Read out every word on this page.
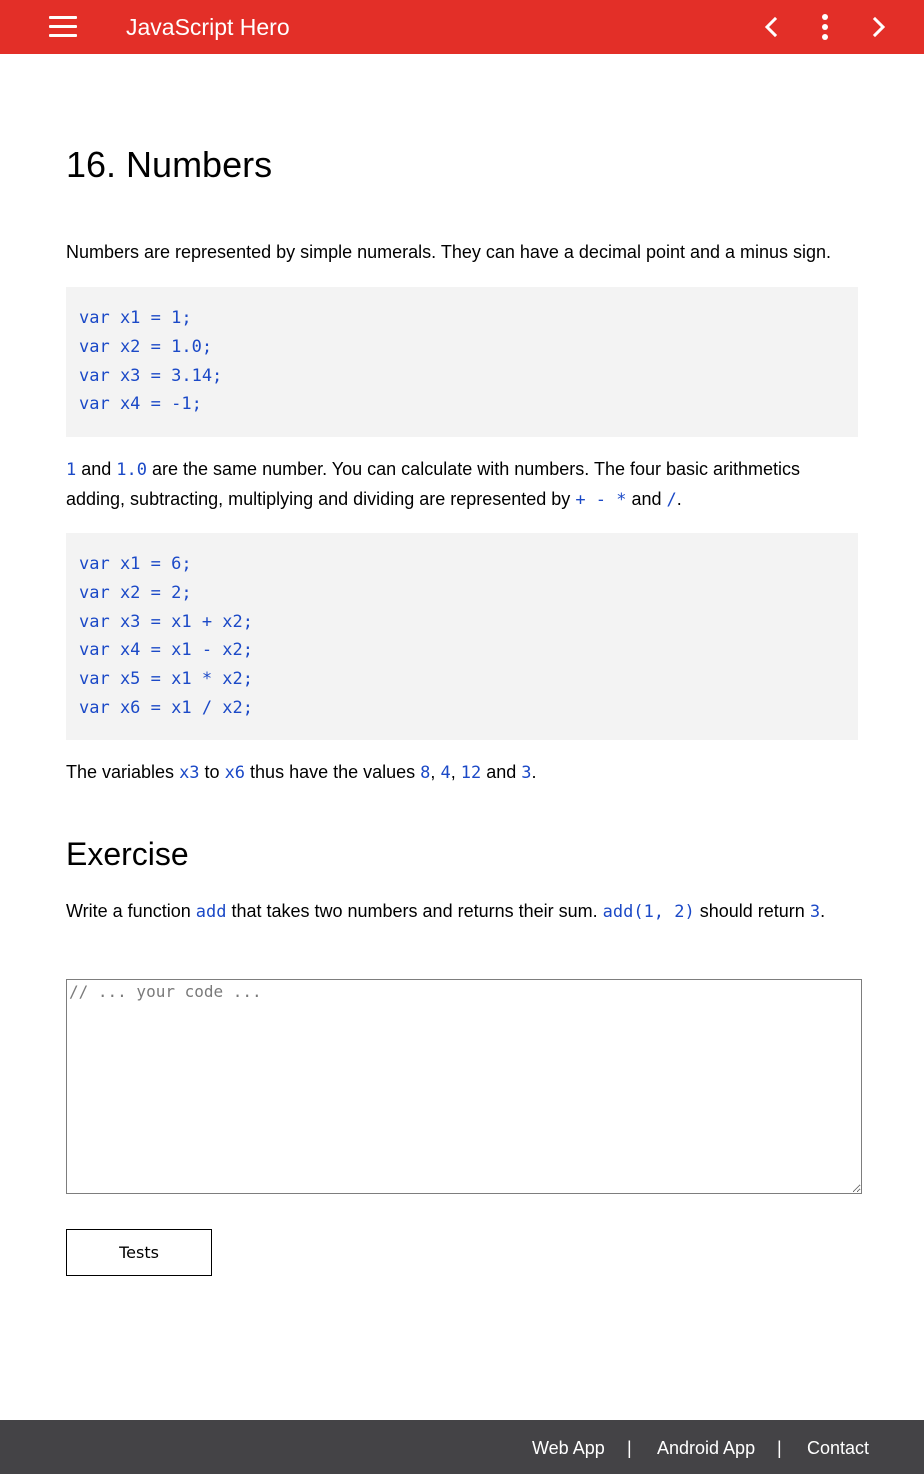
JavaScript Hero
16. Numbers

Numbers are represented by simple numerals. They can have a decimal point and a minus sign.

var x1 = 1;
var x2 = 1.0;
var x3 = 3.14;
var x4 = -1;

1 and 1.0 are the same number. You can calculate with numbers. The four basic arithmetics adding, subtracting, multiplying and dividing are represented by + - * and /.

var x1 = 6;
var x2 = 2;
var x3 = x1 + x2;
var x4 = x1 - x2;
var x5 = x1 * x2;
var x6 = x1 / x2;

The variables x3 to x6 thus have the values 8, 4, 12 and 3.

Exercise

Write a function add that takes two numbers and returns their sum. add(1, 2) should return 3.

// ... your code ...
Tests
Web App | Android App | Contact
